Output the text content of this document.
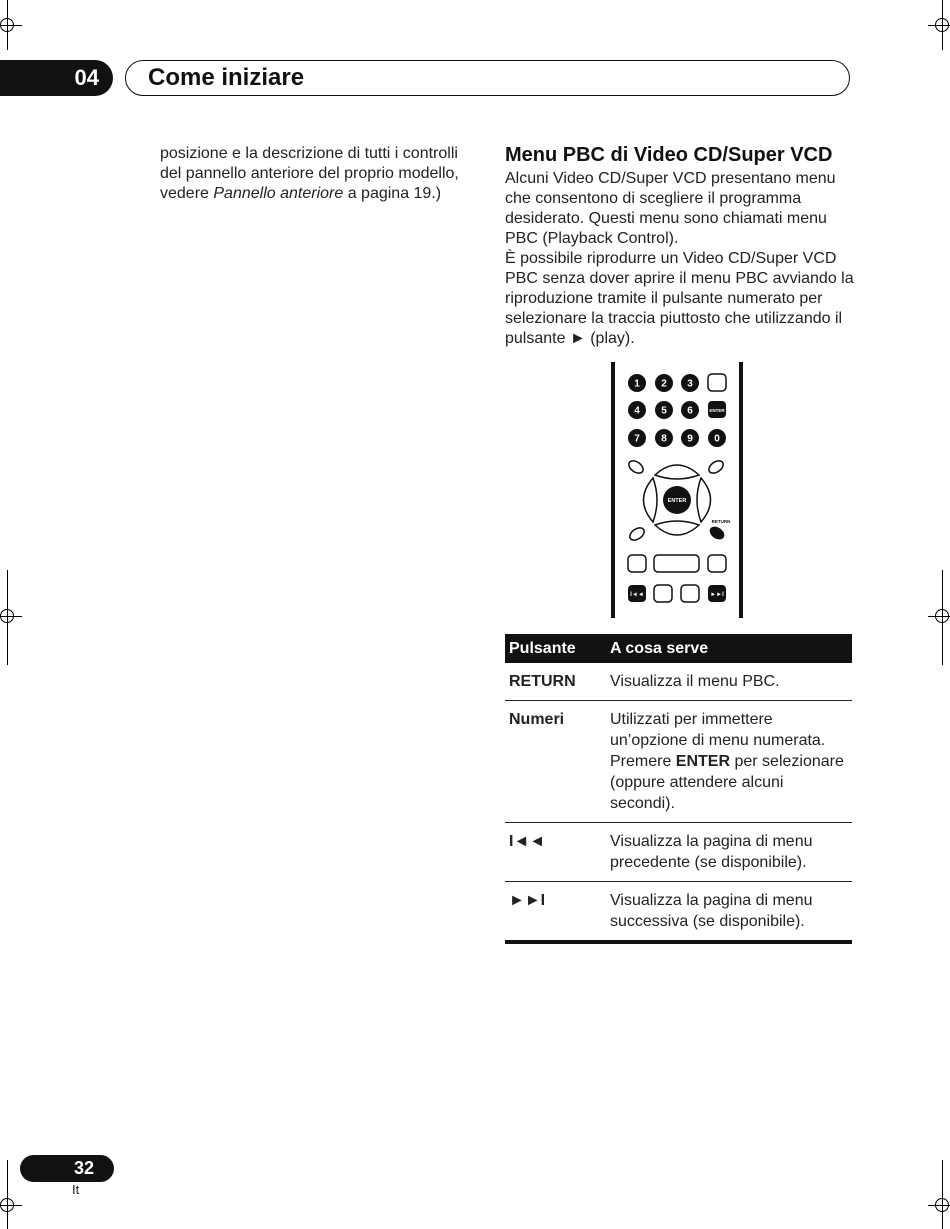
04	Come iniziare
posizione e la descrizione di tutti i controlli del pannello anteriore del proprio modello, vedere Pannello anteriore a pagina 19.)
Menu PBC di Video CD/Super VCD

Alcuni Video CD/Super VCD presentano menu che consentono di scegliere il programma desiderato. Questi menu sono chiamati menu PBC (Playback Control).

È possibile riprodurre un Video CD/Super VCD PBC senza dover aprire il menu PBC avviando la riproduzione tramite il pulsante numerato per selezionare la traccia piuttosto che utilizzando il pulsante ► (play).

1 2 3
4 5 6	ENTER
7 8 9 0
ENTER
RETURN
I◄◄	►►I
Pulsante	A cosa serve
RETURN	Visualizza il menu PBC.
Numeri	Utilizzati per immettere un’opzione di menu numerata. Premere ENTER per selezionare (oppure attendere alcuni secondi).
I◄◄	Visualizza la pagina di menu precedente (se disponibile).
►►I	Visualizza la pagina di menu successiva (se disponibile).
32
It
